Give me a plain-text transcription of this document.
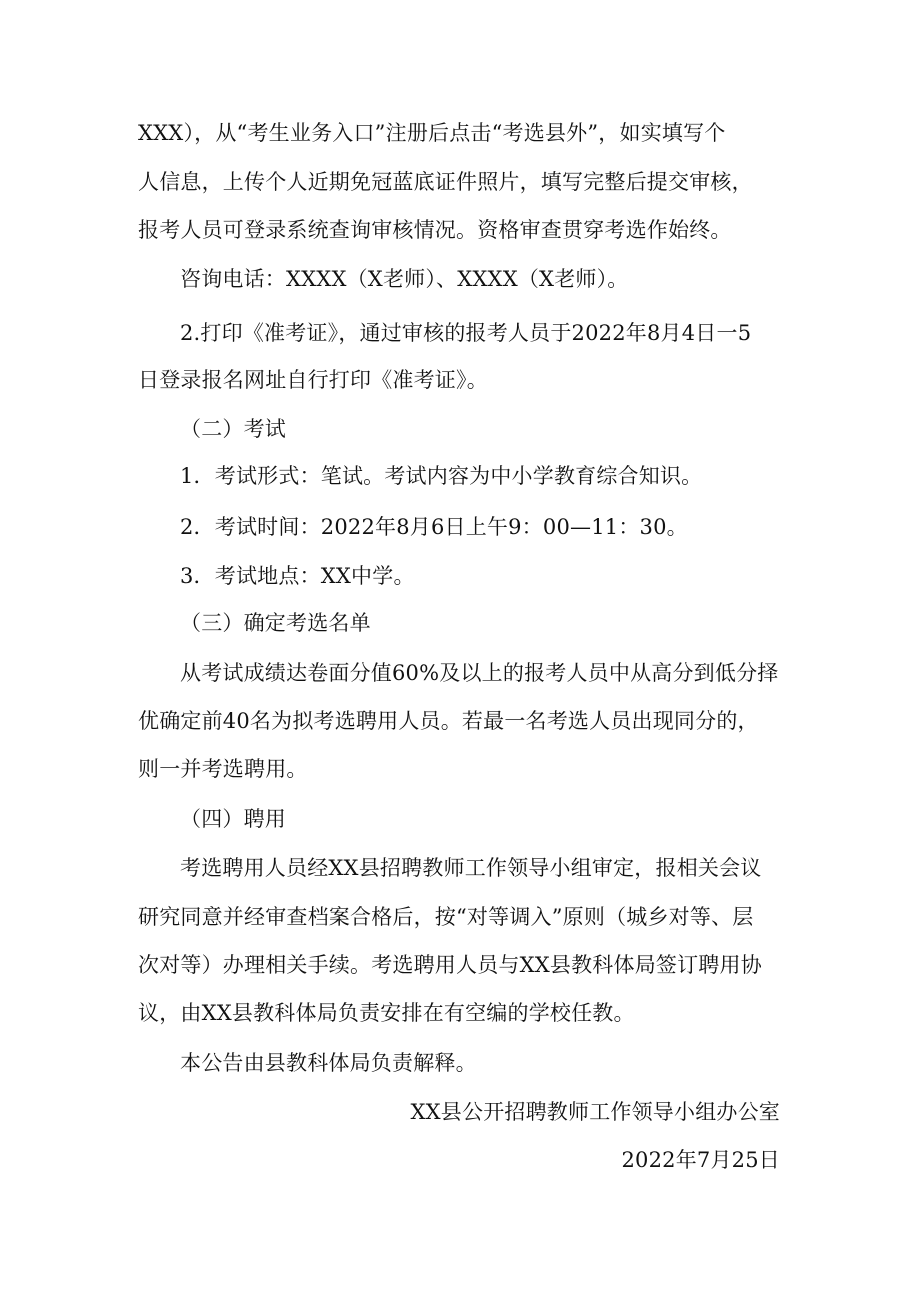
XXX），从“考生业务入口”注册后点击“考选县外”，如实填写个
人信息，上传个人近期免冠蓝底证件照片，填写完整后提交审核，
报考人员可登录系统查询审核情况。资格审查贯穿考选作始终。
咨询电话：XXXX（X老师）、XXXX（X老师）。
2.打印《准考证》，通过审核的报考人员于2022年8月4日一5
日登录报名网址自行打印《准考证》。
（二）考试
1．考试形式：笔试。考试内容为中小学教育综合知识。
2．考试时间：2022年8月6日上午9：00—11：30。
3．考试地点：XX中学。
（三）确定考选名单
从考试成绩达卷面分值60%及以上的报考人员中从高分到低分择
优确定前40名为拟考选聘用人员。若最一名考选人员出现同分的，
则一并考选聘用。
（四）聘用
考选聘用人员经XX县招聘教师工作领导小组审定，报相关会议
研究同意并经审查档案合格后，按“对等调入”原则（城乡对等、层
次对等）办理相关手续。考选聘用人员与XX县教科体局签订聘用协
议，由XX县教科体局负责安排在有空编的学校任教。
本公告由县教科体局负责解释。
XX县公开招聘教师工作领导小组办公室
2022年7月25日
